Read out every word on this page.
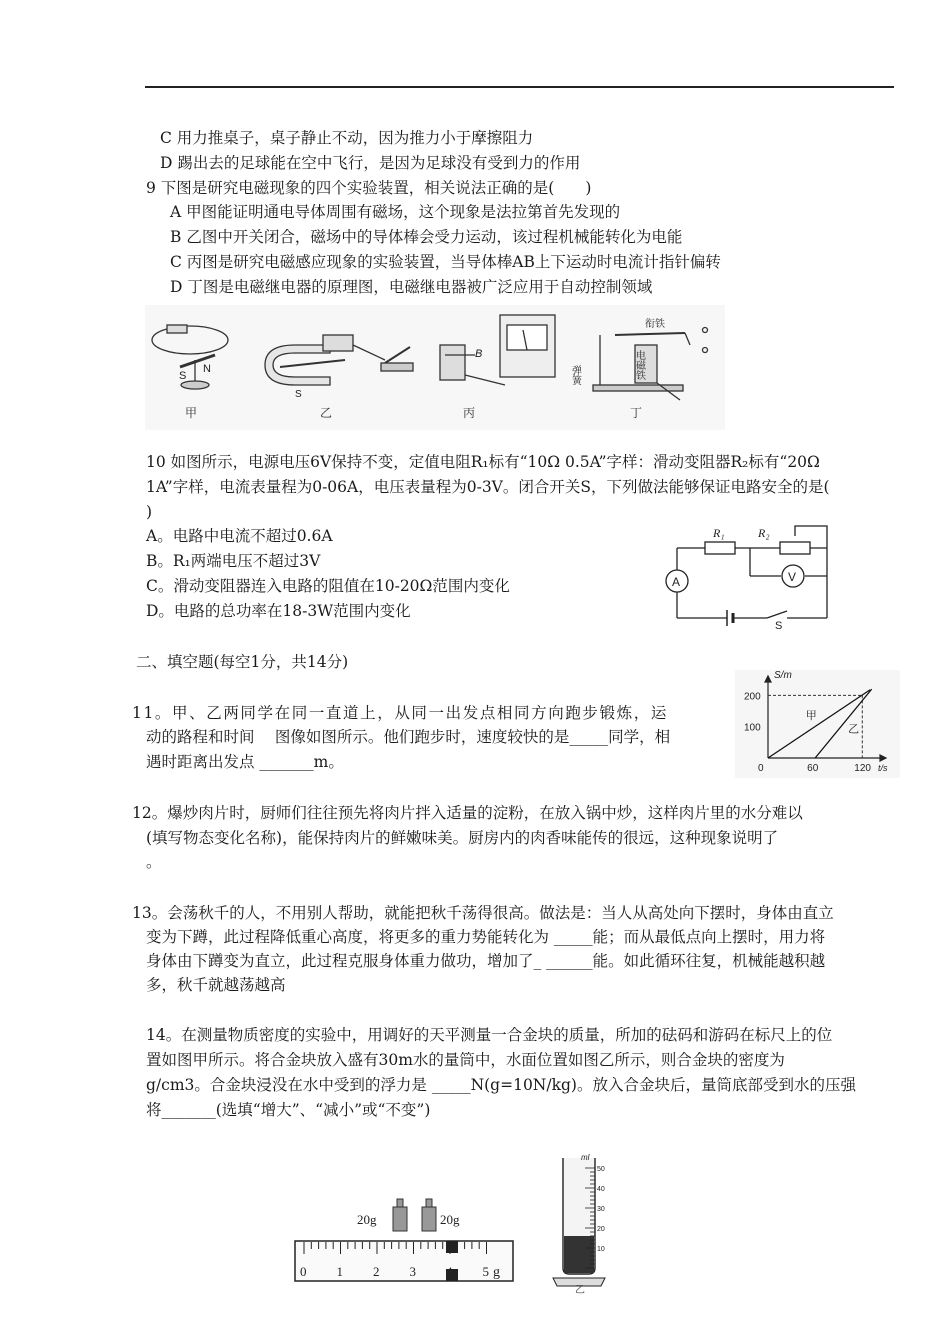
C 用力推桌子，桌子静止不动，因为推力小于摩擦阻力
D 踢出去的足球能在空中飞行，是因为足球没有受到力的作用
9 下图是研究电磁现象的四个实验装置，相关说法正确的是(　　)
A 甲图能证明通电导体周围有磁场，这个现象是法拉第首先发现的
B 乙图中开关闭合，磁场中的导体棒会受力运动，该过程机械能转化为电能
C 丙图是研究电磁感应现象的实验装置，当导体棒AB上下运动时电流计指针偏转
D 丁图是电磁继电器的原理图，电磁继电器被广泛应用于自动控制领域
S
N
甲
S
乙
B
丙
衔铁
弹簧	电磁铁
丁
10 如图所示，电源电压6V保持不变，定值电阻R₁标有“10Ω 0.5A”字样：滑动变阻器R₂标有“20Ω
1A”字样，电流表量程为0-06A，电压表量程为0-3V。闭合开关S，下列做法能够保证电路安全的是(
)
A。电路中电流不超过0.6A
B。R₁两端电压不超过3V
C。滑动变阻器连入电路的阻值在10-20Ω范围内变化
D。电路的总功率在18-3W范围内变化
A	V
R₁	R₂
S
二、填空题(每空1分，共14分)
11。甲、乙两同学在同一直道上，从同一出发点相同方向跑步锻炼，运
动的路程和时间　 图像如图所示。他们跑步时，速度较快的是_____同学，相
遇时距离出发点 _______m。	0	60	120
100
200
S/m
t/s
甲
乙
12。爆炒肉片时，厨师们往往预先将肉片拌入适量的淀粉，在放入锅中炒，这样肉片里的水分难以
(填写物态变化名称)，能保持肉片的鲜嫩味美。厨房内的肉香味能传的很远，这种现象说明了
。
13。会荡秋千的人，不用别人帮助，就能把秋千荡得很高。做法是：当人从高处向下摆时，身体由直立
变为下蹲，此过程降低重心高度，将更多的重力势能转化为 _____能；而从最低点向上摆时，用力将
身体由下蹲变为直立，此过程克服身体重力做功，增加了_ ______能。如此循环往复，机械能越积越
多，秋千就越荡越高
14。在测量物质密度的实验中，用调好的天平测量一合金块的质量，所加的砝码和游码在标尺上的位
置如图甲所示。将合金块放入盛有30m水的量筒中，水面位置如图乙所示，则合金块的密度为
g/cm3。合金块浸没在水中受到的浮力是 _____N(g=10N/kg)。放入合金块后，量筒底部受到水的压强
将_______(选填“增大”、“减小”或“不变”)
20g	20g
0 1 2 3 4 5 g
50
40
30
20
10
ml
乙
